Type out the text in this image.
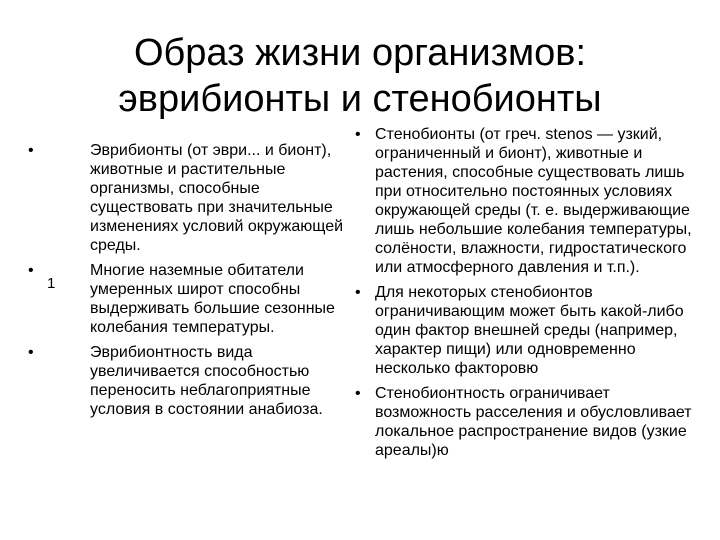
Образ жизни организмов:
эврибионты и стенобионты
•	Эврибионты (от эври... и бионт), животные и растительные организмы, способные существовать при значительные изменениях условий окружающей среды.
•	Многие наземные обитатели умеренных широт способны выдерживать большие сезонные колебания температуры.
•	Эврибионтность вида увеличивается способностью переносить неблагоприятные условия в состоянии анабиоза.
1
• Стенобионты (от греч. stenos — узкий, ограниченный и бионт), животные и растения, способные существовать лишь при относительно постоянных условиях окружающей среды (т. е. выдерживающие лишь небольшие колебания температуры, солёности, влажности, гидростатического или атмосферного давления и т.п.).
• Для некоторых стенобионтов ограничивающим может быть какой-либо один фактор внешней среды (например, характер пищи) или одновременно несколько факторовю
• Стенобионтность ограничивает возможность расселения и обусловливает локальное распространение видов (узкие ареалы)ю
